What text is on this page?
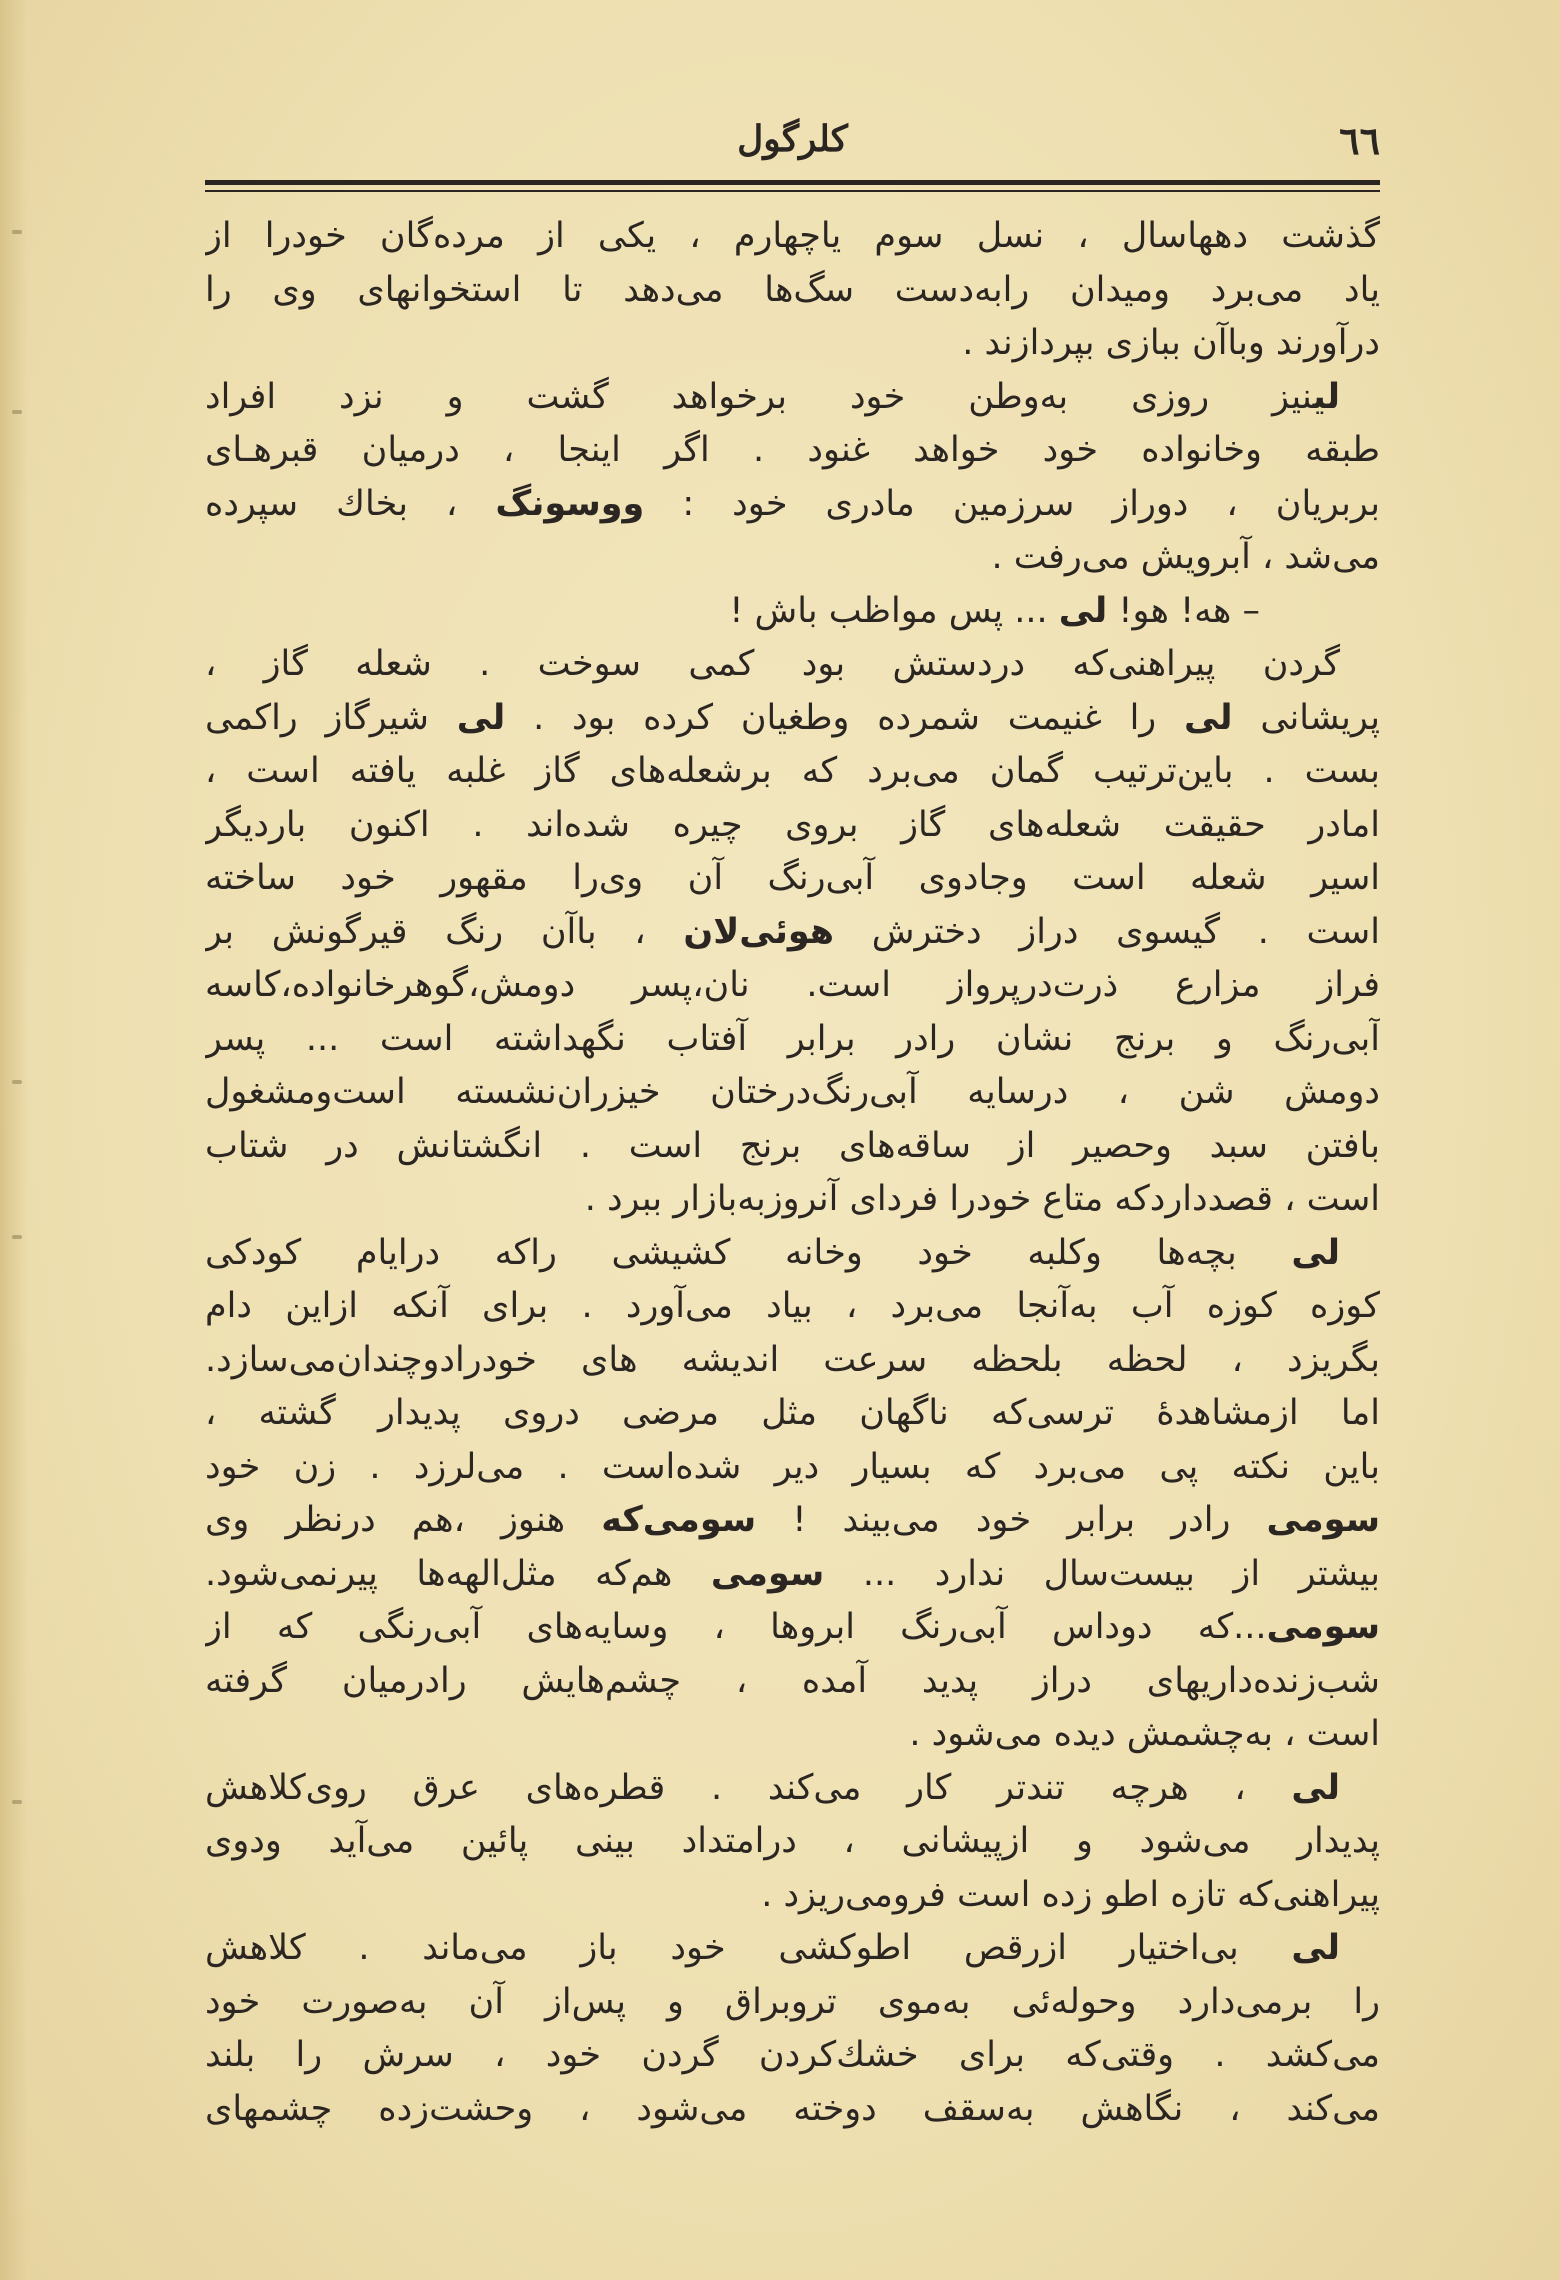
٦٦
کلرگول
گذشت دهها‌سال ، نسل سوم یاچهارم ، یکی از مرده‌گان خودرا از
یاد می‌برد ومیدان رابه‌دست سگ‌ها می‌دهد تا استخوانهای وی را
درآورند وباآن ببازی بپردازند .
لینیز روزی به‌وطن خود برخواهد گشت و نزد افراد
طبقه وخانواده خود خواهد غنود . اگر اینجا ، درمیان قبرهـای
بربریان ، دوراز سرزمین مادری خود : ووسونگ ، بخاك سپرده
می‌شد ، آبرویش می‌رفت .
– هه! هو! لی ... پس مواظب باش !
گردن پیراهنی‌که دردستش بود کمی سوخت . شعله گاز ،
پریشانی لی را غنیمت شمرده وطغیان کرده بود . لی شیرگاز راکمی
بست . باین‌ترتیب گمان می‌برد که برشعله‌های گاز غلبه یافته است ،
امادر حقیقت شعله‌های گاز بروی چیره شده‌اند . اکنون باردیگر
اسیر شعله است وجادوی آبی‌رنگ آن وی‌را مقهور خود ساخته
است . گیسوی دراز دخترش هوئی‌لان ، باآن رنگ قیرگونش بر
فراز مزارع ذرت‌درپرواز است. نان،پسر دومش،گوهرخانواده،کاسه
آبی‌رنگ و برنج نشان رادر برابر آفتاب نگهداشته است ... پسر
دومش شن ، درسایه آبی‌رنگ‌درختان خیزران‌نشسته است‌ومشغول
بافتن سبد وحصیر از ساقه‌های برنج است . انگشتانش در شتاب
است ، قصدداردکه متاع خودرا فردای آنروزبه‌بازار ببرد .
لی بچه‌ها وکلبه خود وخانه کشیشی راکه درایام کودکی
کوزه کوزه آب به‌آنجا می‌برد ، بیاد می‌آورد . برای آنکه ازاین دام
بگریزد ، لحظه بلحظه سرعت اندیشه های خودرادوچندان‌می‌سازد.
اما ازمشاهدهٔ ترسی‌که ناگهان مثل مرضی دروی پدیدار گشته ،
باین نکته پی می‌برد که بسیار دیر شده‌است . می‌لرزد . زن خود
سو‌می رادر برابر خود می‌بیند ! سو‌می‌که هنوز ،هم درنظر وی
بیشتر از بیست‌سال ندارد ... سو‌می هم‌که مثل‌الهه‌ها پیرنمی‌شود.
سو‌می...که دوداس آبی‌رنگ ابروها ، وسایه‌های آبی‌رنگی که از
شب‌زنده‌داریهای دراز پدید آمده ، چشم‌هایش رادرمیان گرفته
است ، به‌چشمش دیده می‌شود .
لی ، هرچه تندتر کار می‌کند . قطره‌های عرق روی‌کلاهش
پدیدار می‌شود و ازپیشانی ، درامتداد بینی پائین می‌آید ودوی
پیراهنی‌که تازه اطو زده است فرومی‌ریزد .
لی بی‌اختیار ازرقص اطوکشی خود باز می‌ماند . کلاهش
را برمی‌دارد وحوله‌ئی به‌موی تروبراق و پس‌از آن به‌صورت خود
می‌کشد . وقتی‌که برای خشك‌کردن گردن خود ، سرش را بلند
می‌کند ، نگاهش به‌سقف دوخته می‌شود ، وحشت‌زده چشمهای
